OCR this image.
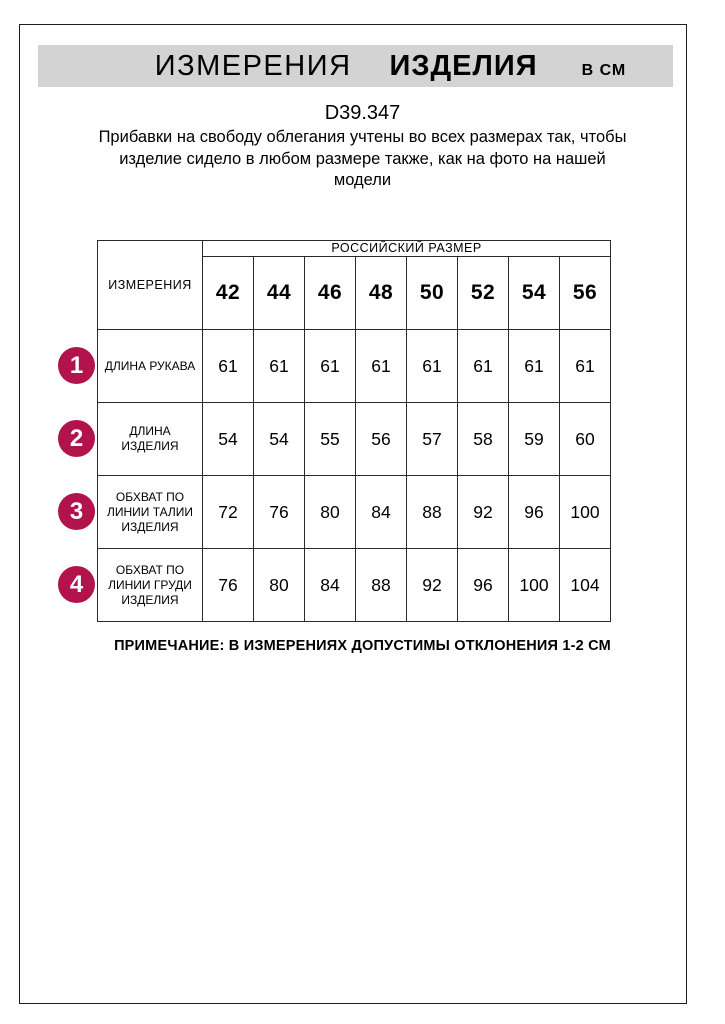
ИЗМЕРЕНИЯ ИЗДЕЛИЯ	В СМ
D39.347
Прибавки на свободу облегания учтены во всех размерах так, чтобы
изделие сидело в любом размере также, как на фото на нашей
модели
ИЗМЕРЕНИЯ	РОССИЙСКИЙ РАЗМЕР							
	42	44	46	48	50	52	54	56
ДЛИНА РУКАВА	61	61	61	61	61	61	61	61
ДЛИНА
ИЗДЕЛИЯ	54	54	55	56	57	58	59	60
ОБХВАТ ПО
ЛИНИИ ТАЛИИ
ИЗДЕЛИЯ	72	76	80	84	88	92	96	100
ОБХВАТ ПО
ЛИНИИ ГРУДИ
ИЗДЕЛИЯ	76	80	84	88	92	96	100	104
1
2
3
4
ПРИМЕЧАНИЕ: В ИЗМЕРЕНИЯХ ДОПУСТИМЫ ОТКЛОНЕНИЯ 1-2 СМ
